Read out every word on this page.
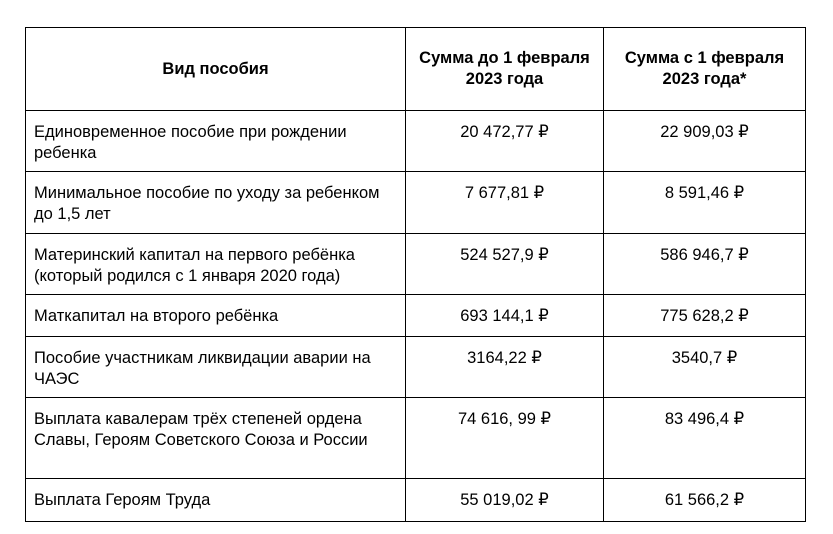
Вид пособия	Сумма до 1 февраля 2023 года	Сумма с 1 февраля 2023 года*

Единовременное пособие при рождении ребенка	20 472,77 ₽	22 909,03 ₽

Минимальное пособие по уходу за ребенком до 1,5 лет	7 677,81 ₽	8 591,46 ₽

Материнский капитал на первого ребёнка (который родился с 1 января 2020 года)	524 527,9 ₽	586 946,7 ₽

Маткапитал на второго ребёнка	693 144,1 ₽	775 628,2 ₽

Пособие участникам ликвидации аварии на ЧАЭС	3164,22 ₽	3540,7 ₽

Выплата кавалерам трёх степеней ордена Славы, Героям Советского Союза и России	74 616, 99 ₽	83 496,4 ₽

Выплата Героям Труда	55 019,02 ₽	61 566,2 ₽
